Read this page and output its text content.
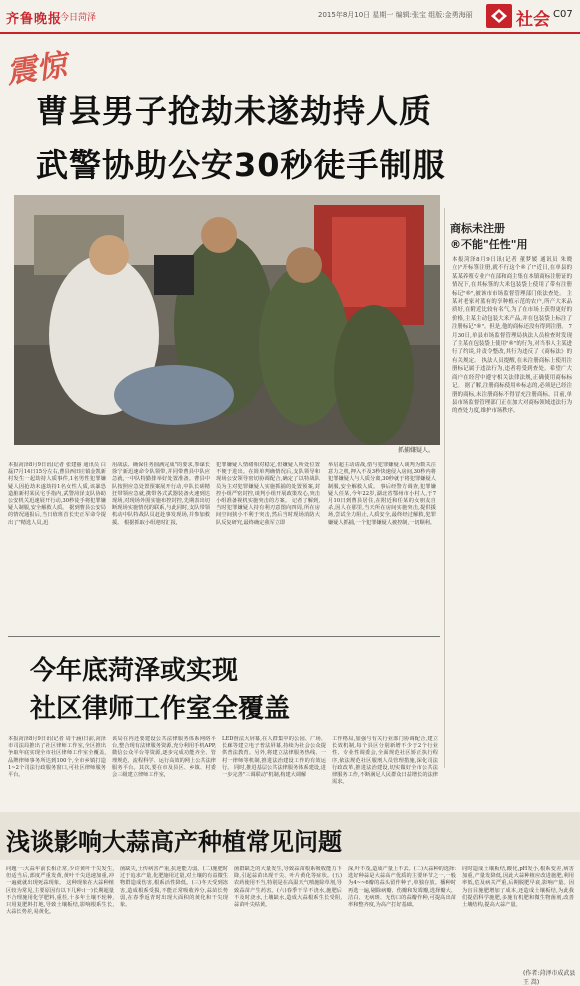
齐鲁晚报
今日菏泽	2015年8月10日 星期一 编辑:张宝 组版:金勇海丽	社会 C07
震惊
曹县男子抢劫未遂劫持人质
武警协助公安30秒徒手制服
抓捕嫌疑人。
本报菏泽8月9日讯(记者 张建丽 通讯员 白磊)7月14日15分左右,曹县西田庄镇金凯新村发生一起劫持人质事件,1名男性犯罪嫌疑人因抢劫未遂劫持1名女性人质,该暴恐造脏新村某民宅手指内,武警菏泽支队协助公安机关迅速展开行动,30秒徒手将犯罪嫌疑人制服,安全解救人质。 据到曹县公安局的情况通报后,当日值班首长史正军命令提出了"精选人员,迅
用战法、确保任务圆满完成"的要求,参谋长徐宁新迅速命令队领带,并同带曹县中队应急就,一中队特勤排举好处置准备。曹县中队按照应急处置预案展开行动,中队长磋精狂带领应急就,携带各式武器装备火速到达现场,对现场外围实施布控封控,先期表出切断现场实施情况的联系,与此同时,支队带领机动中队特战队员赶赴事发现场,并参加救援。 根据抓取小组迎时汇报,
犯罪嫌疑人情绪相对稳定,但嫌疑人所处位置不便于进出。在简单判确情况后,支队领导和现场公安领导密切协调配合,确定了以特战队员为主对犯罪嫌疑人实施抓捕的处置预案,封控小组严密封控,谈判小组开展政策攻心,突击小组准备视机实施突击的方案。 记者了解到,当时犯罪嫌疑人持有利刃意图向四周,所在房间空间狭小不利于突击,然后当时现场消防大队反复研究,最终确定我军立即
举启超主动请战,借与犯罪嫌疑人谈判为数关注意力之机,押入不及3秒快速侵入房间,30秒内将犯罪嫌疑人与人质分离,30秒就于将犯罪嫌疑人制服,安全解救人质。 事后经警方调查,犯罪嫌疑人任某,今年22岁,湖北省鄂州市小村人,于7月10日到曹县居住,在附近和任某的女朋友自杀,因人在那里,当天所在房间实施突击,提供援场,尝试全力阻止,人质安全,最终经过解救,犯罪嫌疑人抓捕,一个犯罪嫌疑人被控制,一切顺利。
商标未注册
®不能"任性"用
本报菏泽8月9日讯(记者 董梦媛 通讯员 朱晓立)"开标签注册,就不行这个®了!"近日,在单县的某某养殖专业户在部和商主集在本镇商标注册证的情况下,在其标签的大米包装袋上使用了带有注册标记"®",被该市市场监督管理部门依法查处。 主某对老家对蓝有的享种植示范的农户,所产大米品质好,在附近比较有名气,为了在市场上获得更好的价格,主某主动包装大米产品,并在包装袋上标注了注册标记"®"。但是,他的商标还没有得到注册。 7月30日,单县市场监督管理局执法人员检查时发现了主某在包装袋上使用"®"的行为,对当事人主某进行了约谈,并责令整改,其行为违反了《商标法》的有关规定。 执法人员提醒,在未注册商标上使用注册标记属于违法行为,违者将受到查处。希望广大商户在经营中遵守相关法律法规,正确使用商标标记。 据了解,注册商标使用®标志的,必须是已经注册的商标,未注册商标不得冒充注册商标。目前,单县市场监督管理部门正在加大对商标领域违法行为的查处力度,维护市场秩序。
今年底菏泽或实现
社区律师工作室全覆盖
本报菏泽8月9日讯(记者 周千涵)日前,菏泽市司法局推出了社区律师工作室,全区推出争取年底实现全市社区律师工作室全覆盖,品牌律师事务所达到100个,全市乡镇打造1~2个司法行政服务窗口,可社区律师服务平台。
该局在内还要建设公共法律服务体系网络平台,整合现有法律服务资源,充分利用手机APP,微信公众平台等资源,逐步完成功能齐全、管理规范、流程科学、运行高效的网上公共法律服务平台。其次,要在市及县区、乡镇、村委会三级建立律师工作室,
LED督法大屏幕,在人群集中的公园、广场、长廊等建立电子普法屏幕,持续为社会公众提供普法教育。另外,将建立法律服务热线、一村一律师等机制,推进法治建设工作的有效运行。 同时,推进基层公共法律服务体系建设,进一步完善"三调联动"机制,构建大调解
工作格局,加强与有关行业部门协调配合,建立长效机制,每个县区分别新增不少于2个行业性、专业性调委会,全面规范社区矫正执行程序,依法规范社区服刑人员管理措施,深化司法行政改革,推进法治建设,切实做好全市公共法律服务工作,不断满足人民群众日益增长的法律需求。
浅谈影响大蒜高产种植常见问题
问题一:大蒜年前长相正常,少许黄叶干尖发生,但适当后,部度严重发黄,黄叶干尖迅速加重,冲一遍就就出现死蒜现象。 这种现象在大蒜种植区较为常见,主要原因有以下几种:(一)长期超量不合理施用化学肥料,重茬,十多年土壤不轮种,只用复肥料打地,导致土壤板结,影响根系生长,大蒜长势差,易黄化。
菌缺失,土传病害严重,抗逆能力弱。(二)施肥时过于追求产量,化肥施用过量,对土壤的有益微生物群造成伤害,根系活性降低。(三)冬天受到冻害,造成根系受损,不能正常吸收养分,蒜苗长势弱,在春季返青时出现大面积的黄化和干尖现象。
菌群缺乏的大量发生,导致蒜苗根系吸收能力下降,引起蒜苗出现干尖、叶片黄化等症状。(五)农药使用不当,特别是在高温天气喷施除草剂,导致蒜苗产生药害。(六)春季干旱不浇水,施肥后不及时浇水,土壤缺水,造成大蒜根系生长受阻,蒜苗叶尖枯黄。
深,叶不茂,造成产量上不去。(二)大蒜种的选择:选好种蒜是大蒜高产优质的主要环节之一,一般为4~~6瓣的蒜头留作种子,单独存放。播种时再选一遍,剔除病瓣、伤瓣和发霉瓣,选择瓣大、洁白、无病斑、无伤口的蒜瓣作种,可提高出苗率和整齐度,为高产打好基础。
同时造成土壤板结,酸化,pH发小,根系变差,病害加重,产量发降低,因此大蒜种植应改进施肥,利用率低,危及病关严重,后期脱肥早衰,影响产量。因为盲目施肥增加了成本,还造成土壤板结,为此我们提倡科学施肥,多施有机肥和微生物菌剂,改善土壤结构,提高大蒜产量。
(作者:菏泽市成武县 王 嵩)
